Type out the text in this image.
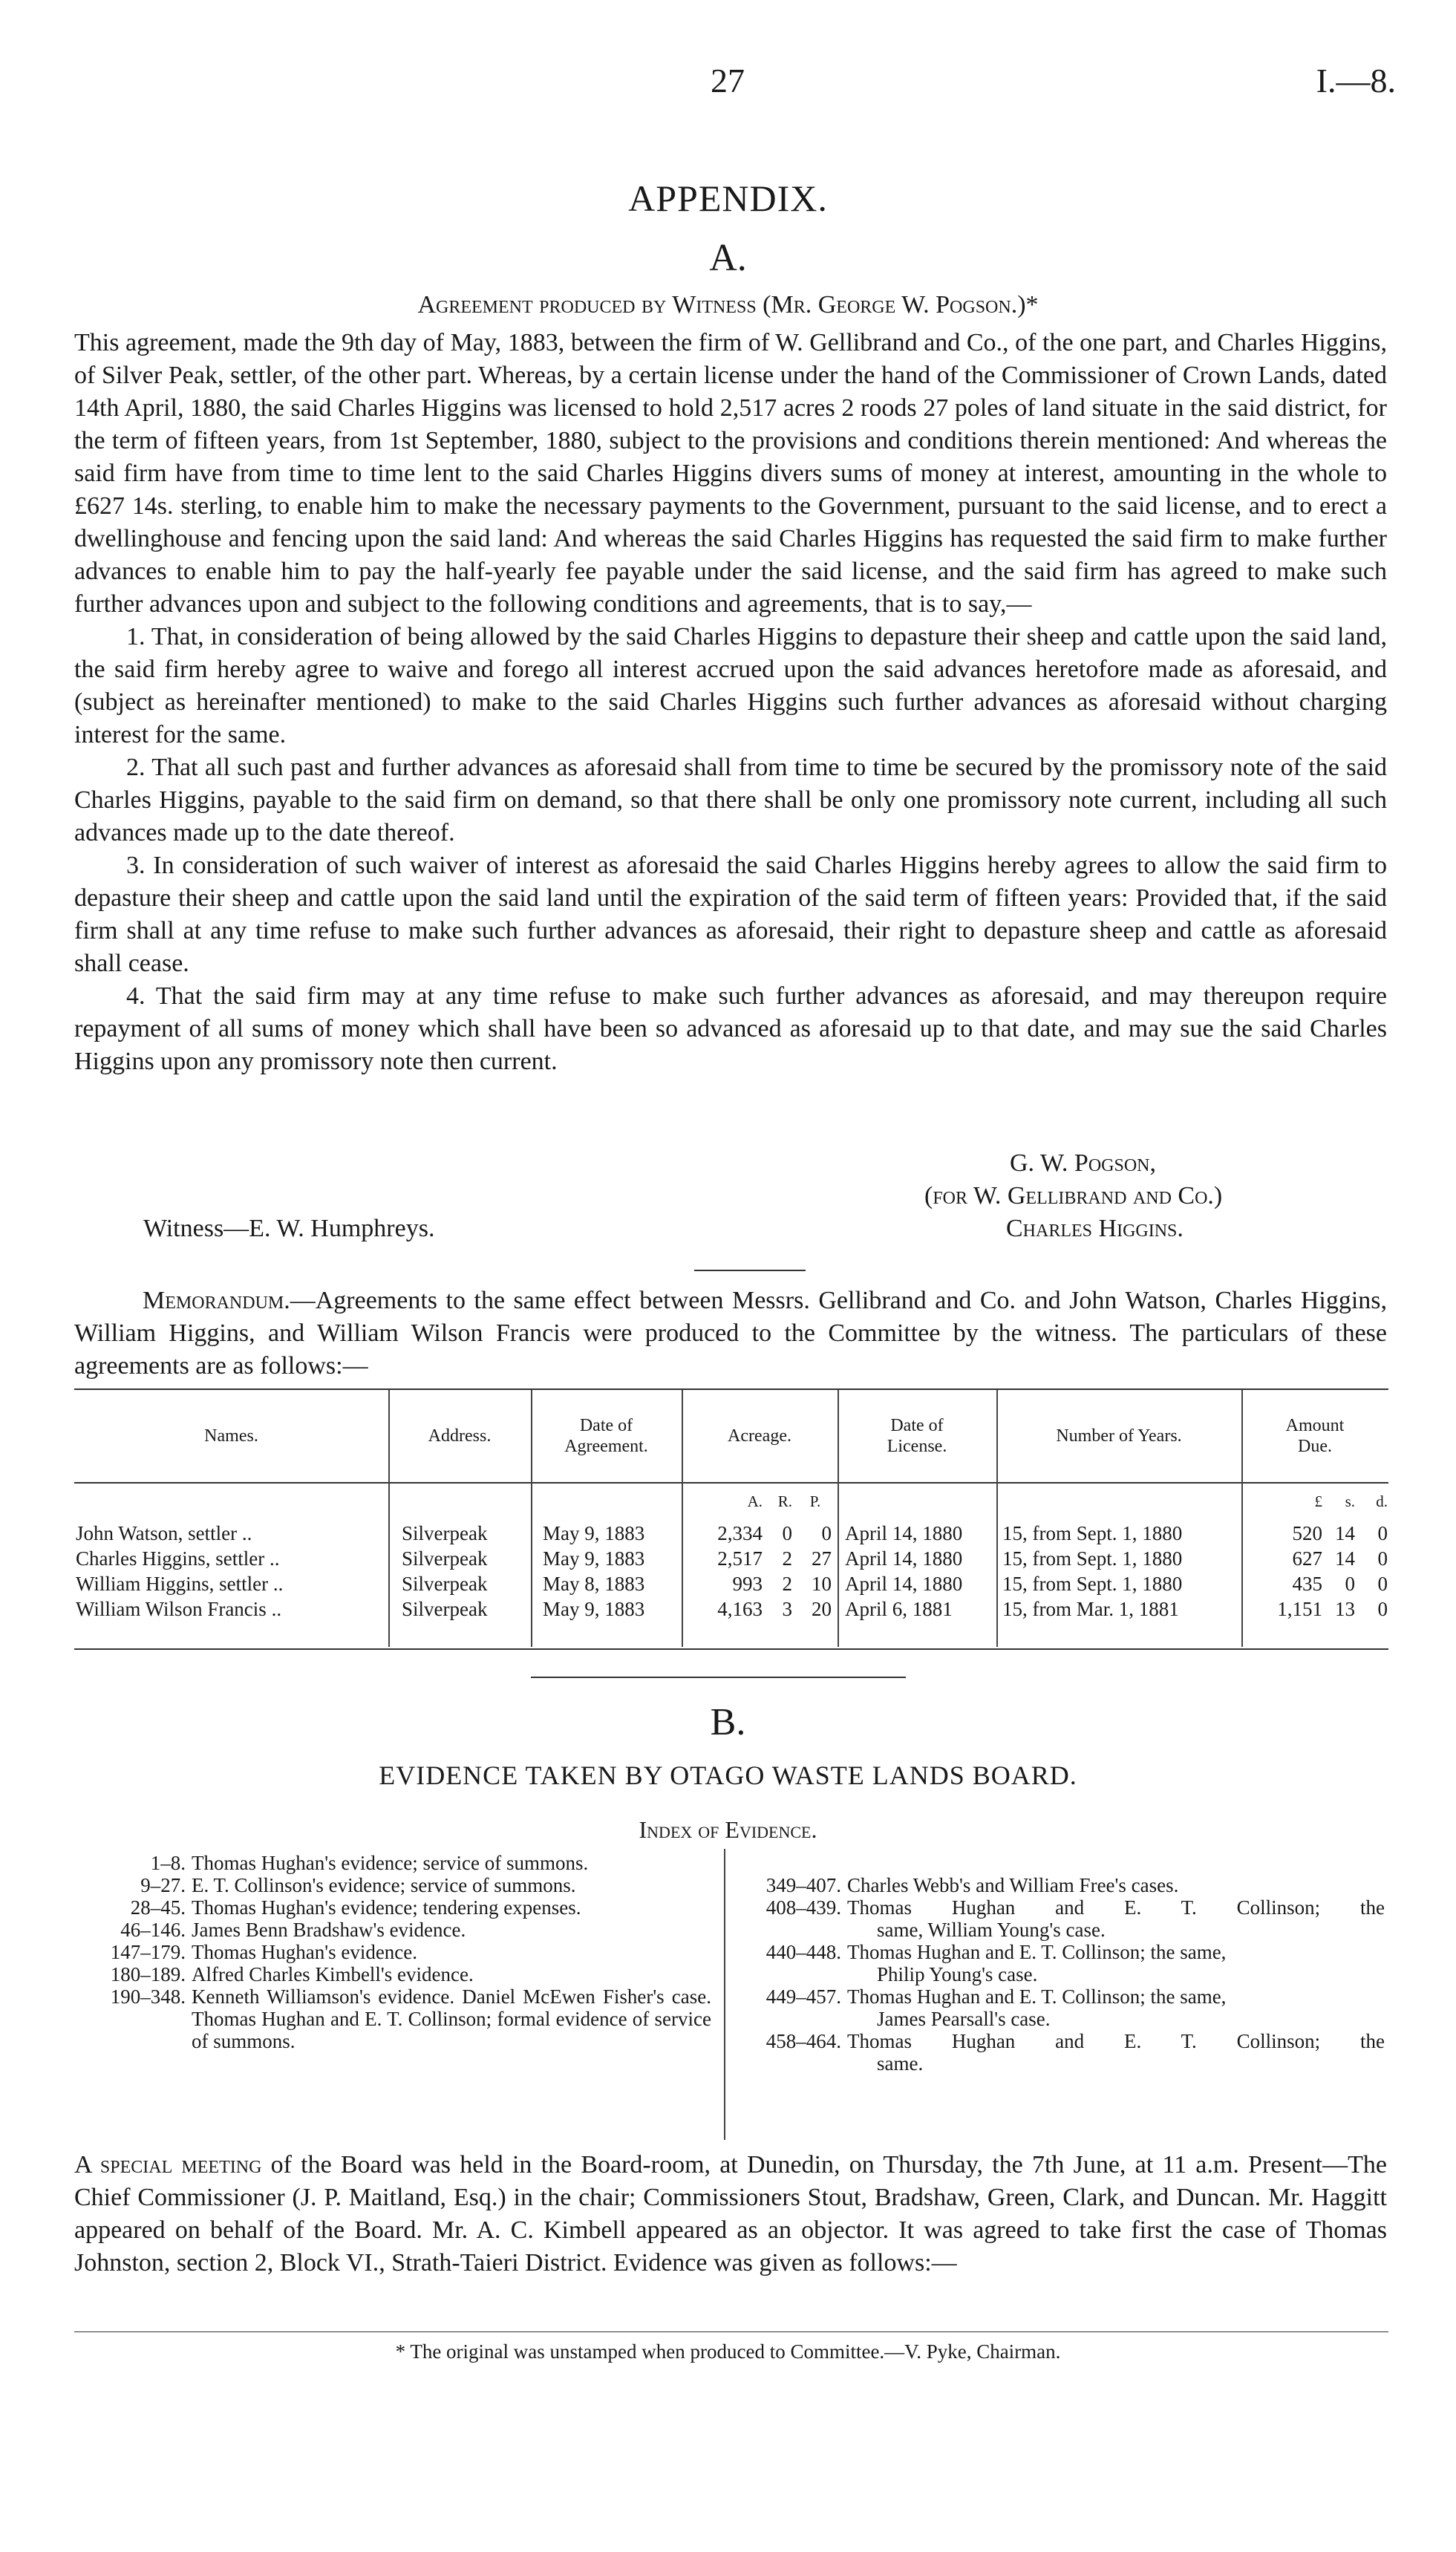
27	I.—8.
APPENDIX.
A.
Agreement produced by Witness (Mr. George W. Pogson.)*
This agreement, made the 9th day of May, 1883, between the firm of W. Gellibrand and Co., of the one part, and Charles Higgins, of Silver Peak, settler, of the other part. Whereas, by a certain license under the hand of the Commissioner of Crown Lands, dated 14th April, 1880, the said Charles Higgins was licensed to hold 2,517 acres 2 roods 27 poles of land situate in the said district, for the term of fifteen years, from 1st September, 1880, subject to the provisions and conditions therein mentioned: And whereas the said firm have from time to time lent to the said Charles Higgins divers sums of money at interest, amounting in the whole to £627 14s. sterling, to enable him to make the necessary payments to the Government, pursuant to the said license, and to erect a dwellinghouse and fencing upon the said land: And whereas the said Charles Higgins has requested the said firm to make further advances to enable him to pay the half-yearly fee payable under the said license, and the said firm has agreed to make such further advances upon and subject to the following conditions and agreements, that is to say,—
1. That, in consideration of being allowed by the said Charles Higgins to depasture their sheep and cattle upon the said land, the said firm hereby agree to waive and forego all interest accrued upon the said advances heretofore made as aforesaid, and (subject as hereinafter mentioned) to make to the said Charles Higgins such further advances as aforesaid without charging interest for the same.
2. That all such past and further advances as aforesaid shall from time to time be secured by the promissory note of the said Charles Higgins, payable to the said firm on demand, so that there shall be only one promissory note current, including all such advances made up to the date thereof.
3. In consideration of such waiver of interest as aforesaid the said Charles Higgins hereby agrees to allow the said firm to depasture their sheep and cattle upon the said land until the expiration of the said term of fifteen years: Provided that, if the said firm shall at any time refuse to make such further advances as aforesaid, their right to depasture sheep and cattle as aforesaid shall cease.
4. That the said firm may at any time refuse to make such further advances as aforesaid, and may thereupon require repayment of all sums of money which shall have been so advanced as aforesaid up to that date, and may sue the said Charles Higgins upon any promissory note then current.
G. W. Pogson,
(for W. Gellibrand and Co.)
Witness—E. W. Humphreys.	Charles Higgins.
Memorandum.—Agreements to the same effect between Messrs. Gellibrand and Co. and John Watson, Charles Higgins, William Higgins, and William Wilson Francis were produced to the Committee by the witness. The particulars of these agreements are as follows:—
Names.	Address.	Date of Agreement.	Acreage.			Date of License.	Number of Years.	Amount Due.		
			A.	R.	P.			£	s.	d.
John Watson, settler ..	Silverpeak	May 9, 1883	2,334	0	0	April 14, 1880	15, from Sept. 1, 1880	520	14	0
Charles Higgins, settler ..	Silverpeak	May 9, 1883	2,517	2	27	April 14, 1880	15, from Sept. 1, 1880	627	14	0
William Higgins, settler ..	Silverpeak	May 8, 1883	993	2	10	April 14, 1880	15, from Sept. 1, 1880	435	0	0
William Wilson Francis ..	Silverpeak	May 9, 1883	4,163	3	20	April 6, 1881	15, from Mar. 1, 1881	1,151	13	0
B.
EVIDENCE TAKEN BY OTAGO WASTE LANDS BOARD.
Index of Evidence.
1–8. Thomas Hughan's evidence; service of summons.
9–27. E. T. Collinson's evidence; service of summons.
28–45. Thomas Hughan's evidence; tendering expenses.
46–146. James Benn Bradshaw's evidence.
147–179. Thomas Hughan's evidence.
180–189. Alfred Charles Kimbell's evidence.
190–348. Kenneth Williamson's evidence. Daniel McEwen Fisher's case. Thomas Hughan and E. T. Collinson; formal evidence of service of summons.
349–407. Charles Webb's and William Free's cases.
408–439. Thomas Hughan and E. T. Collinson; the
same, William Young's case.
440–448. Thomas Hughan and E. T. Collinson; the same,
Philip Young's case.
449–457. Thomas Hughan and E. T. Collinson; the same,
James Pearsall's case.
458–464. Thomas Hughan and E. T. Collinson; the
same.
A special meeting of the Board was held in the Board-room, at Dunedin, on Thursday, the 7th June, at 11 a.m. Present—The Chief Commissioner (J. P. Maitland, Esq.) in the chair; Commissioners Stout, Bradshaw, Green, Clark, and Duncan. Mr. Haggitt appeared on behalf of the Board. Mr. A. C. Kimbell appeared as an objector. It was agreed to take first the case of Thomas Johnston, section 2, Block VI., Strath-Taieri District. Evidence was given as follows:—
* The original was unstamped when produced to Committee.—V. Pyke, Chairman.
